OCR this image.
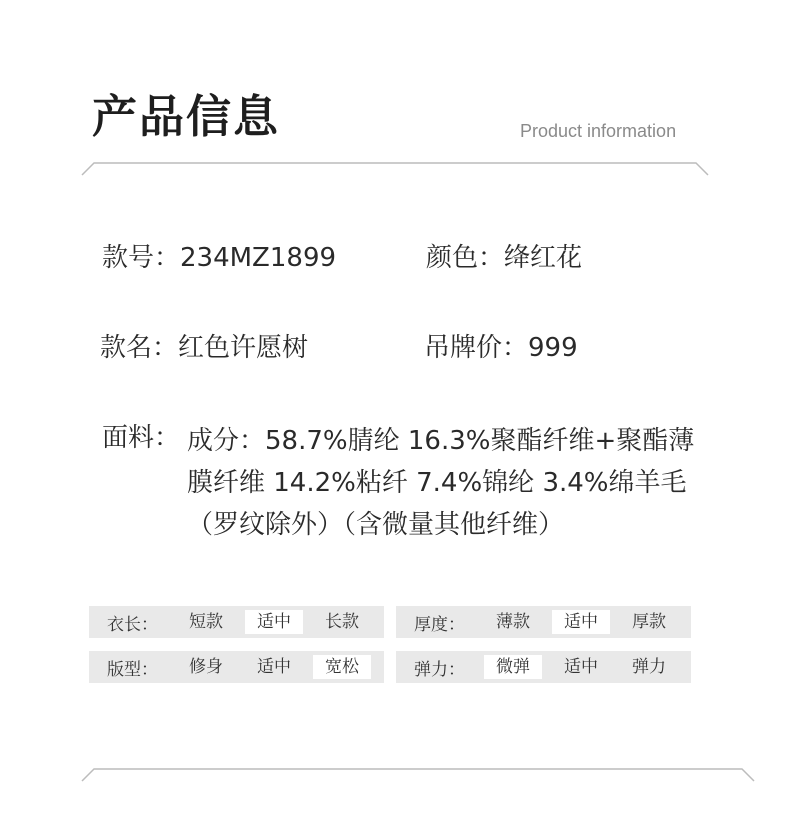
产品信息	Product information
款号：234MZ1899	颜色：绛红花
款名：红色许愿树	吊牌价：999
面料： 成分：58.7%腈纶 16.3%聚酯纤维+聚酯薄
膜纤维 14.2%粘纤 7.4%锦纶 3.4%绵羊毛
（罗纹除外）（含微量其他纤维）
衣长：	短款	适中	长款	厚度：	薄款	适中	厚款
版型：	修身	适中	宽松	弹力：	微弹	适中	弹力
